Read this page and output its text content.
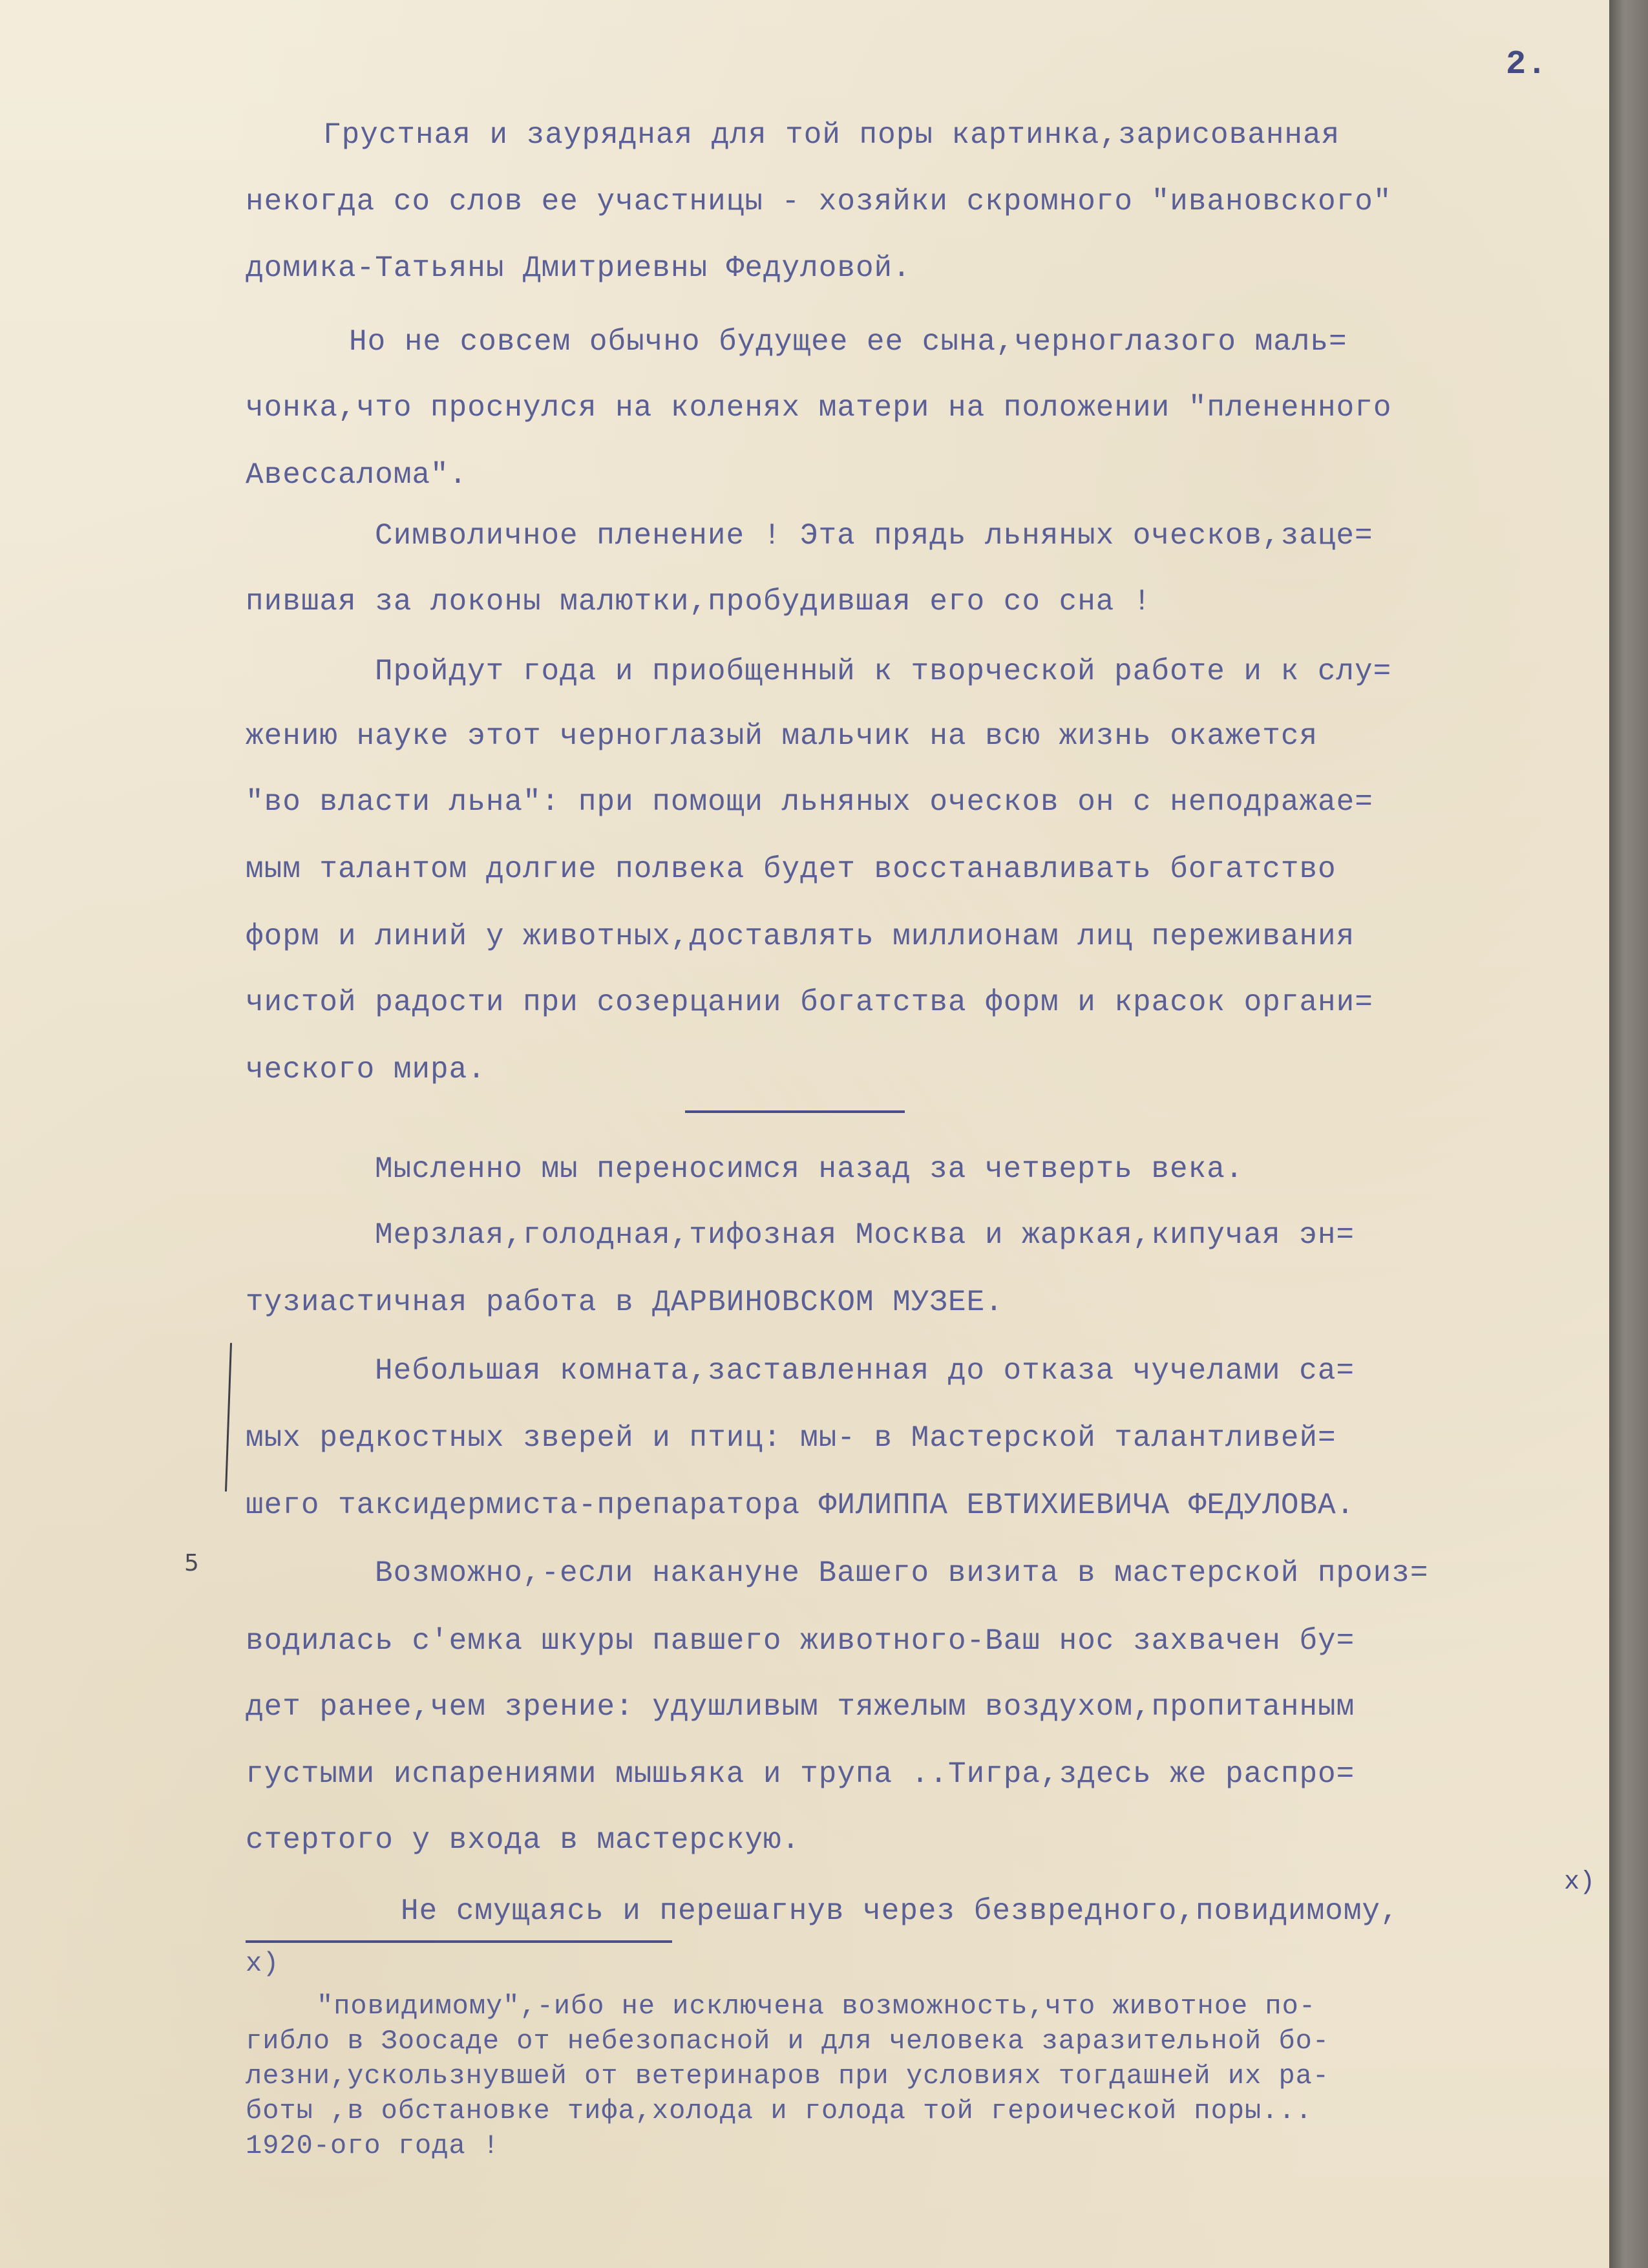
2.
Грустная и заурядная для той поры картинка,зарисованная
некогда со слов ее участницы - хозяйки скромного "ивановского"
домика-Татьяны Дмитриевны Федуловой.
Но не совсем обычно будущее ее сына,черноглазого маль=
чонка,что проснулся на коленях матери на положении "плененного
Авессалома".
Символичное пленение ! Эта прядь льняных оческов,заце=
пившая за локоны малютки,пробудившая его со сна !
Пройдут года и приобщенный к творческой работе и к слу=
жению науке этот черноглазый мальчик на всю жизнь окажется
"во власти льна": при помощи льняных оческов он с неподражае=
мым талантом долгие полвека будет восстанавливать богатство
форм и линий у животных,доставлять миллионам лиц переживания
чистой радости при созерцании богатства форм и красок органи=
ческого мира.
Мысленно мы переносимся назад за четверть века.
Мерзлая,голодная,тифозная Москва и жаркая,кипучая эн=
тузиастичная работа в ДАРВИНОВСКОМ МУЗЕЕ.
Небольшая комната,заставленная до отказа чучелами са=
мых редкостных зверей и птиц: мы- в Мастерской талантливей=
шего таксидермиста-препаратора ФИЛИППА ЕВТИХИЕВИЧА ФЕДУЛОВА.
Возможно,-если накануне Вашего визита в мастерской произ=
водилась с'емка шкуры павшего животного-Ваш нос захвачен бу=
дет ранее,чем зрение: удушливым тяжелым воздухом,пропитанным
густыми испарениями мышьяка и трупа ..Тигра,здесь же распро=
стертого у входа в мастерскую.
Не смущаясь и перешагнув через безвредного,повидимому,
х)
х)
"повидимому",-ибо не исключена возможность,что животное по-
гибло в Зоосаде от небезопасной и для человека заразительной бо-
лезни,ускользнувшей от ветеринаров при условиях тогдашней их ра-
боты ,в обстановке тифа,холода и голода той героической поры...
1920-ого года !
5
